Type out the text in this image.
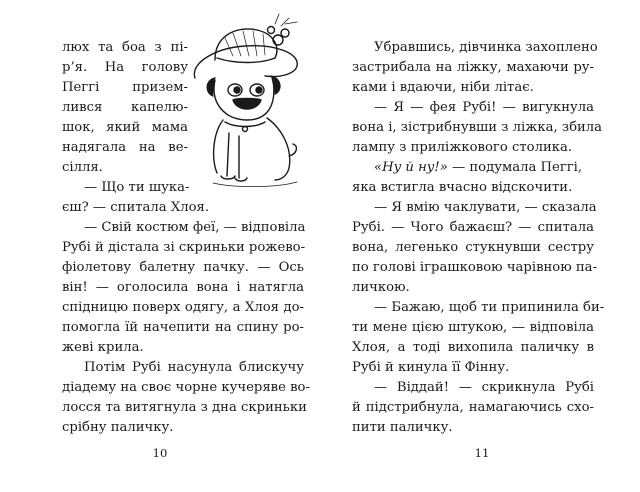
люх та боа з пі-
р’я. На голову
Пеггі призем-
лився капелю-
шок, який мама
надягала на ве-
сілля.
— Що ти шука-
єш? — спитала Хлоя.
— Свій костюм феї, — відповіла
Рубі й дістала зі скриньки рожево-
фіолетову балетну пачку. — Ось
він! — оголосила вона і натягла
спідницю поверх одягу, а Хлоя до-
помогла їй начепити на спину ро-
жеві крила.
Потім Рубі насунула блискучу
діадему на своє чорне кучеряве во-
лосся та витягнула з дна скриньки
срібну паличку.
10
Убравшись, дівчинка захоплено
застрибала на ліжку, махаючи ру-
ками і вдаючи, ніби літає.
— Я — фея Рубі! — вигукнула
вона і, зістрибнувши з ліжка, збила
лампу з приліжкового столика.
«Ну й ну!» — подумала Пеггі,
яка встигла вчасно відскочити.
— Я вмію чаклувати, — сказала
Рубі. — Чого бажаєш? — спитала
вона, легенько стукнувши сестру
по голові іграшковою чарівною па-
личкою.
— Бажаю, щоб ти припинила би-
ти мене цією штукою, — відповіла
Хлоя, а тоді вихопила паличку в
Рубі й кинула її Фінну.
— Віддай! — скрикнула Рубі
й підстрибнула, намагаючись схо-
пити паличку.
11
